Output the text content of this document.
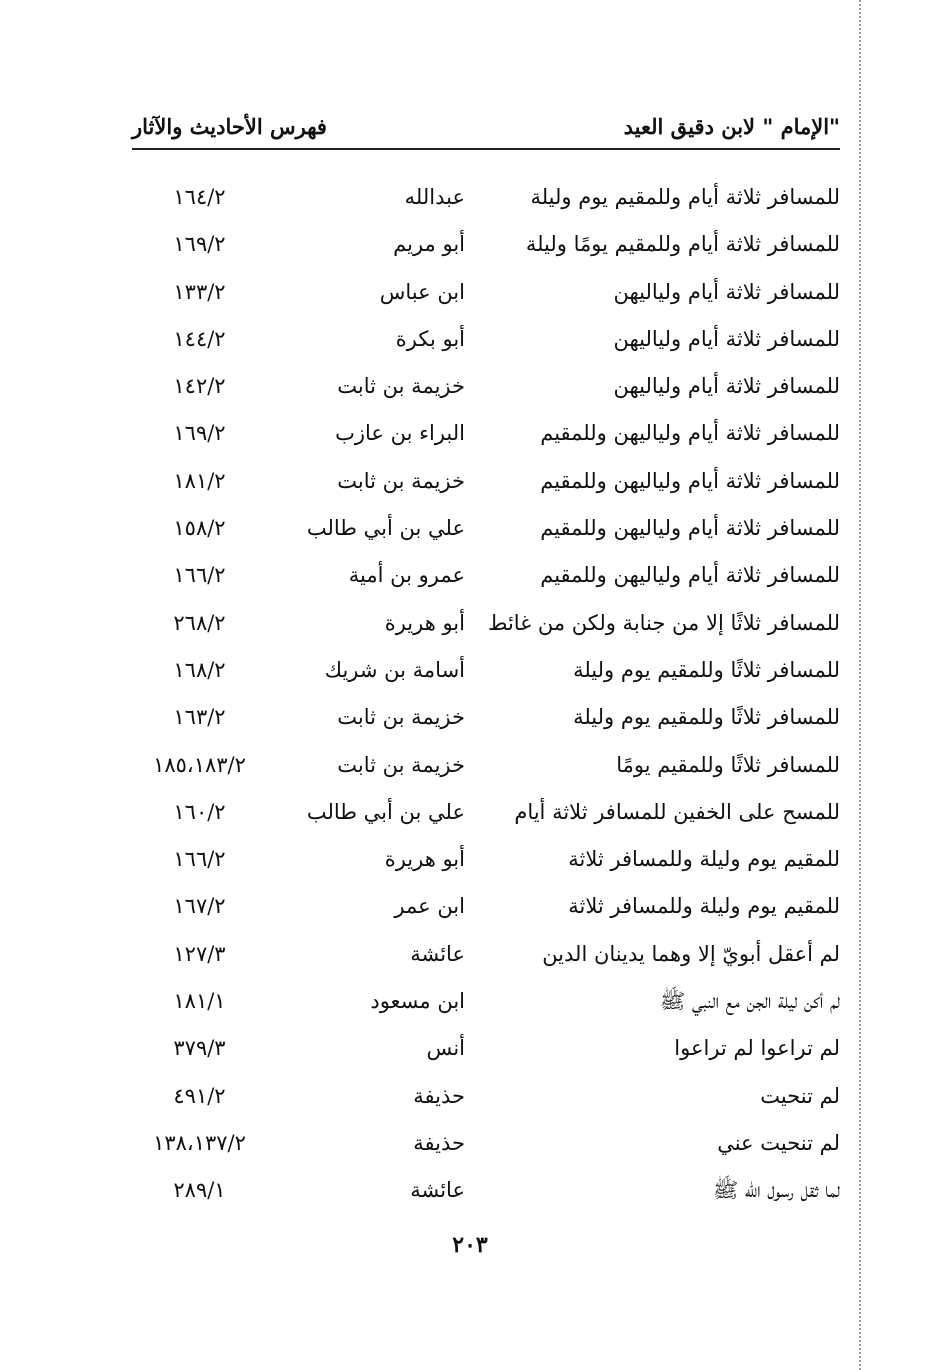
"الإمام " لابن دقيق العيد
فهرس الأحاديث والآثار
للمسافر ثلاثة أيام وللمقيم يوم وليلة
عبدالله
١٦٤/٢
للمسافر ثلاثة أيام وللمقيم يومًا وليلة
أبو مريم
١٦٩/٢
للمسافر ثلاثة أيام ولياليهن
ابن عباس
١٣٣/٢
للمسافر ثلاثة أيام ولياليهن
أبو بكرة
١٤٤/٢
للمسافر ثلاثة أيام ولياليهن
خزيمة بن ثابت
١٤٢/٢
للمسافر ثلاثة أيام ولياليهن وللمقيم
البراء بن عازب
١٦٩/٢
للمسافر ثلاثة أيام ولياليهن وللمقيم
خزيمة بن ثابت
١٨١/٢
للمسافر ثلاثة أيام ولياليهن وللمقيم
علي بن أبي طالب
١٥٨/٢
للمسافر ثلاثة أيام ولياليهن وللمقيم
عمرو بن أمية
١٦٦/٢
للمسافر ثلاثًا إلا من جنابة ولكن من غائط
أبو هريرة
٢٦٨/٢
للمسافر ثلاثًا وللمقيم يوم وليلة
أسامة بن شريك
١٦٨/٢
للمسافر ثلاثًا وللمقيم يوم وليلة
خزيمة بن ثابت
١٦٣/٢
للمسافر ثلاثًا وللمقيم يومًا
خزيمة بن ثابت
١٨٥،١٨٣/٢
للمسح على الخفين للمسافر ثلاثة أيام
علي بن أبي طالب
١٦٠/٢
للمقيم يوم وليلة وللمسافر ثلاثة
أبو هريرة
١٦٦/٢
للمقيم يوم وليلة وللمسافر ثلاثة
ابن عمر
١٦٧/٢
لم أعقل أبويّ إلا وهما يدينان الدين
عائشة
١٢٧/٣
لم أكن ليلة الجن مع النبي ﷺ
ابن مسعود
١٨١/١
لم تراعوا لم تراعوا
أنس
٣٧٩/٣
لم تنحيت
حذيفة
٤٩١/٢
لم تنحيت عني
حذيفة
١٣٨،١٣٧/٢
لما ثقل رسول الله ﷺ
عائشة
٢٨٩/١
٢٠٣
